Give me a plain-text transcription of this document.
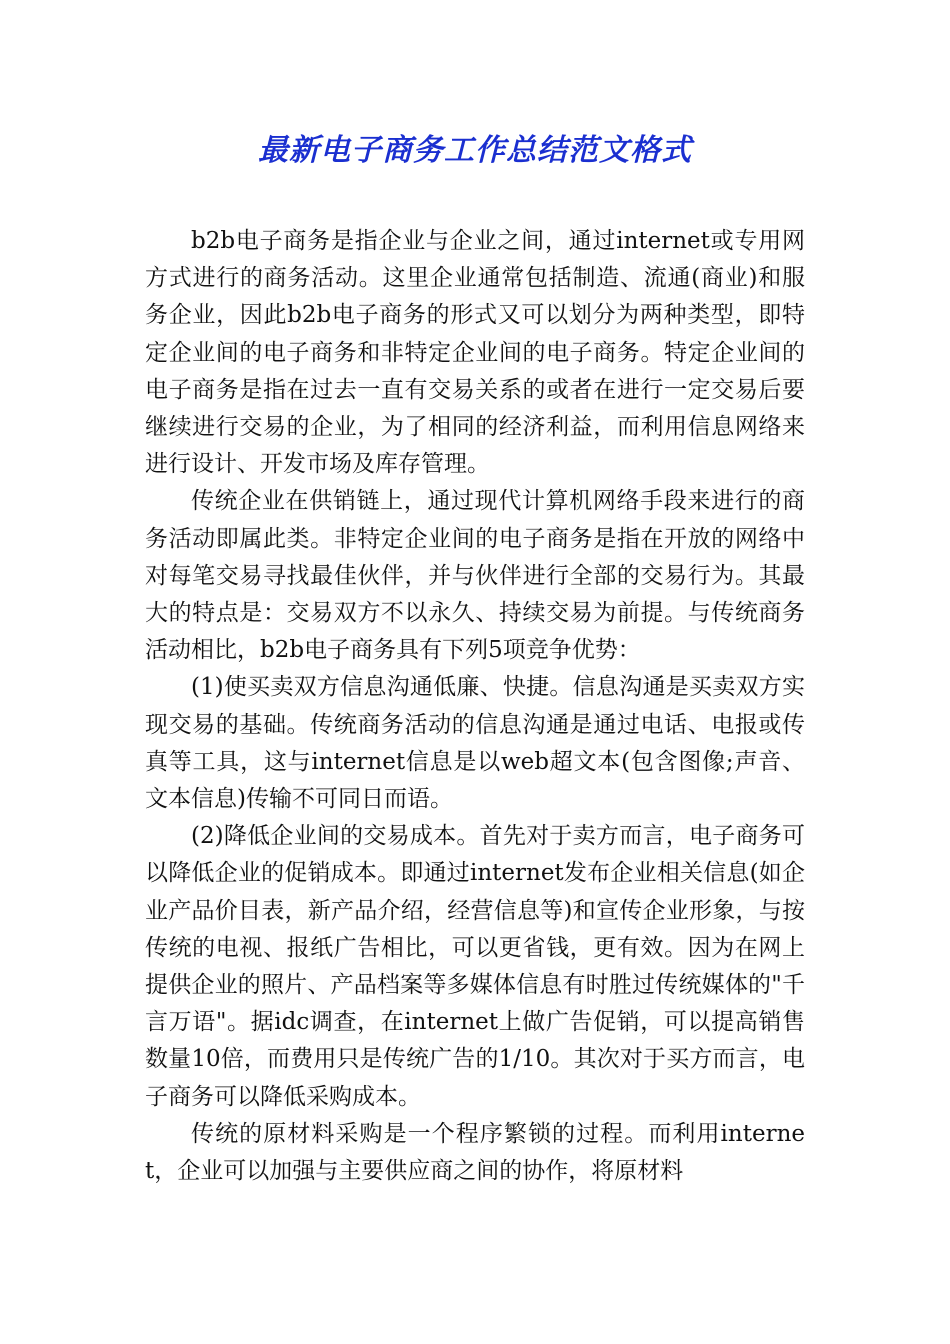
最新电子商务工作总结范文格式

b2b电子商务是指企业与企业之间，通过internet或专用网方式进行的商务活动。这里企业通常包括制造、流通(商业)和服务企业，因此b2b电子商务的形式又可以划分为两种类型，即特定企业间的电子商务和非特定企业间的电子商务。特定企业间的电子商务是指在过去一直有交易关系的或者在进行一定交易后要继续进行交易的企业，为了相同的经济利益，而利用信息网络来进行设计、开发市场及库存管理。

传统企业在供销链上，通过现代计算机网络手段来进行的商务活动即属此类。非特定企业间的电子商务是指在开放的网络中对每笔交易寻找最佳伙伴，并与伙伴进行全部的交易行为。其最大的特点是：交易双方不以永久、持续交易为前提。与传统商务活动相比，b2b电子商务具有下列5项竞争优势：

(1)使买卖双方信息沟通低廉、快捷。信息沟通是买卖双方实现交易的基础。传统商务活动的信息沟通是通过电话、电报或传真等工具，这与internet信息是以web超文本(包含图像;声音、文本信息)传输不可同日而语。

(2)降低企业间的交易成本。首先对于卖方而言，电子商务可以降低企业的促销成本。即通过internet发布企业相关信息(如企业产品价目表，新产品介绍，经营信息等)和宣传企业形象，与按传统的电视、报纸广告相比，可以更省钱，更有效。因为在网上提供企业的照片、产品档案等多媒体信息有时胜过传统媒体的"千言万语"。据idc调查，在internet上做广告促销，可以提高销售数量10倍，而费用只是传统广告的1/10。其次对于买方而言，电子商务可以降低采购成本。

传统的原材料采购是一个程序繁锁的过程。而利用internet，企业可以加强与主要供应商之间的协作，将原材料
